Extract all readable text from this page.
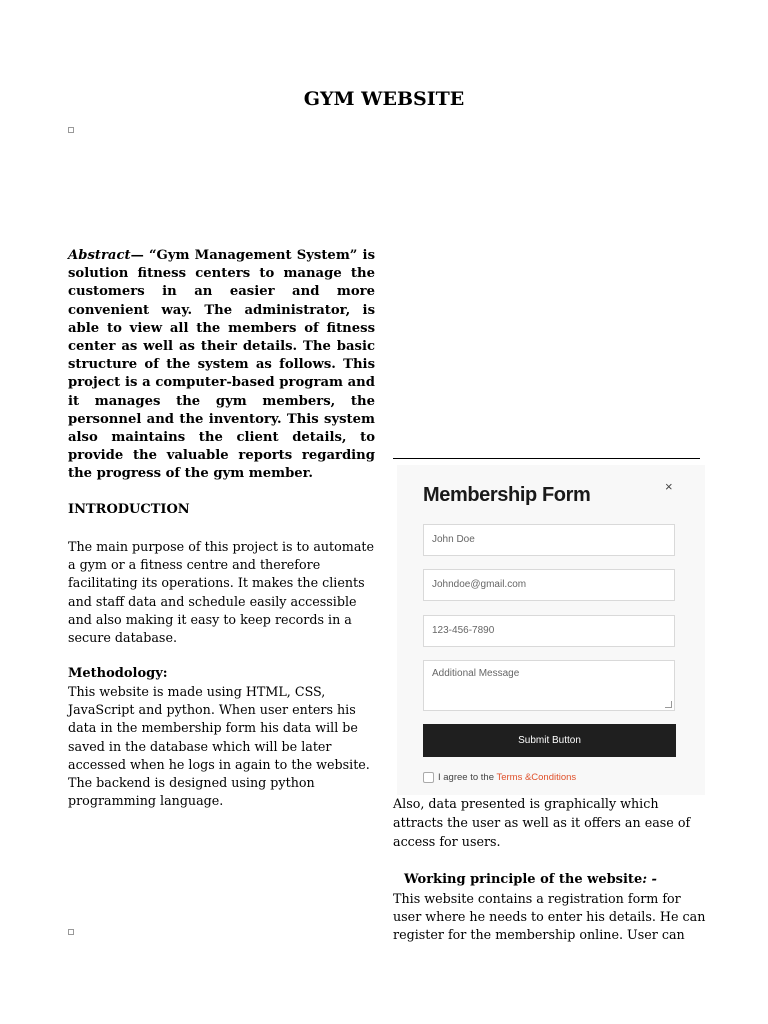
GYM WEBSITE
Abstract— “Gym Management System” is solution fitness centers to manage the customers in an easier and more convenient way. The administrator, is able to view all the members of fitness center as well as their details. The basic structure of the system as follows. This project is a computer-based program and it manages the gym members, the personnel and the inventory. This system also maintains the client details, to provide the valuable reports regarding the progress of the gym member.
INTRODUCTION
The main purpose of this project is to automate a gym or a fitness centre and therefore facilitating its operations. It makes the clients and staff data and schedule easily accessible and also making it easy to keep records in a secure database.
Methodology:
This website is made using HTML, CSS, JavaScript and python. When user enters his data in the membership form his data will be saved in the database which will be later accessed when he logs in again to the website. The backend is designed using python programming language.
Membership Form	×
John Doe
Johndoe@gmail.com
123-456-7890
Additional Message
Submit Button
I agree to the Terms &Conditions
Also, data presented is graphically which attracts the user as well as it offers an ease of access for users.
Working principle of the website: -
This website contains a registration form for user where he needs to enter his details. He can register for the membership online. User can
